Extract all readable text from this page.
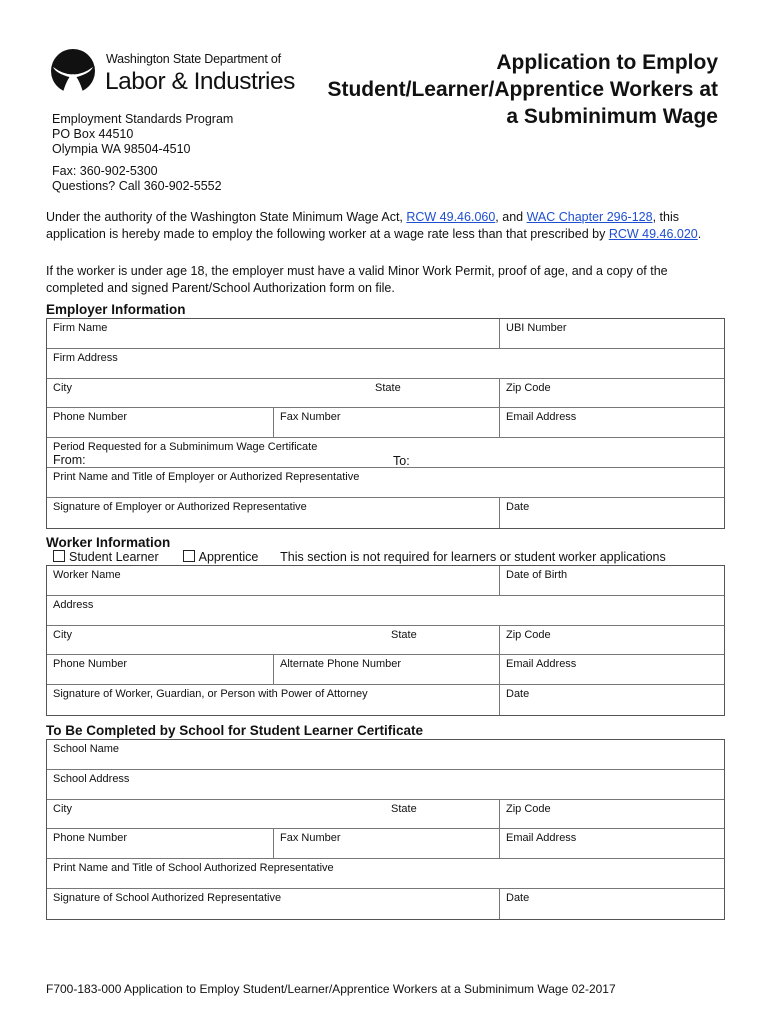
Washington State Department of
Labor & Industries
Application to Employ
Student/Learner/Apprentice Workers at
a Subminimum Wage
Employment Standards Program
PO Box 44510
Olympia WA 98504-4510
Fax: 360-902-5300
Questions? Call 360-902-5552
Under the authority of the Washington State Minimum Wage Act, RCW 49.46.060, and WAC Chapter 296-128, this application is hereby made to employ the following worker at a wage rate less than that prescribed by RCW 49.46.020.
If the worker is under age 18, the employer must have a valid Minor Work Permit, proof of age, and a copy of the completed and signed Parent/School Authorization form on file.
Employer Information
Firm Name	UBI Number
Firm Address
City	State	Zip Code
Phone Number	Fax Number	Email Address
Period Requested for a Subminimum Wage Certificate
From:	To:
Print Name and Title of Employer or Authorized Representative
Signature of Employer or Authorized Representative	Date
Worker Information
Student Learner	Apprentice This section is not required for learners or student worker applications
Worker Name	Date of Birth
Address
City	State	Zip Code
Phone Number	Alternate Phone Number	Email Address
Signature of Worker, Guardian, or Person with Power of Attorney	Date
To Be Completed by School for Student Learner Certificate
School Name
School Address
City	State	Zip Code
Phone Number	Fax Number	Email Address
Print Name and Title of School Authorized Representative
Signature of School Authorized Representative	Date
F700-183-000 Application to Employ Student/Learner/Apprentice Workers at a Subminimum Wage 02-2017
